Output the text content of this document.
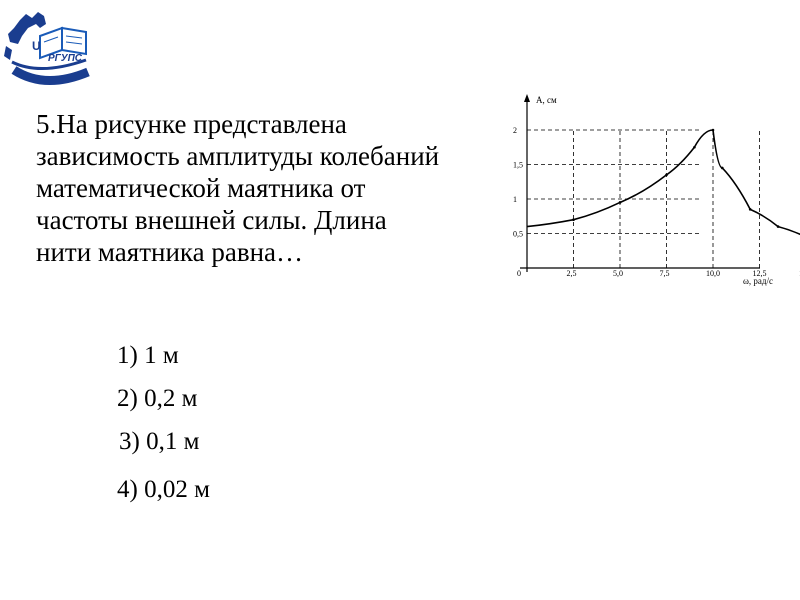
U
РГУПС
5.На рисунке представлена
зависимость амплитуды колебаний
математической маятника от
частоты внешней силы. Длина
нити маятника равна…
1) 1 м
2) 0,2 м
3) 0,1 м
4) 0,02 м
A, см
ω, рад/с
0	2,5	5,0	7,5	10,0	12,5
0,5
1
1,5
2
